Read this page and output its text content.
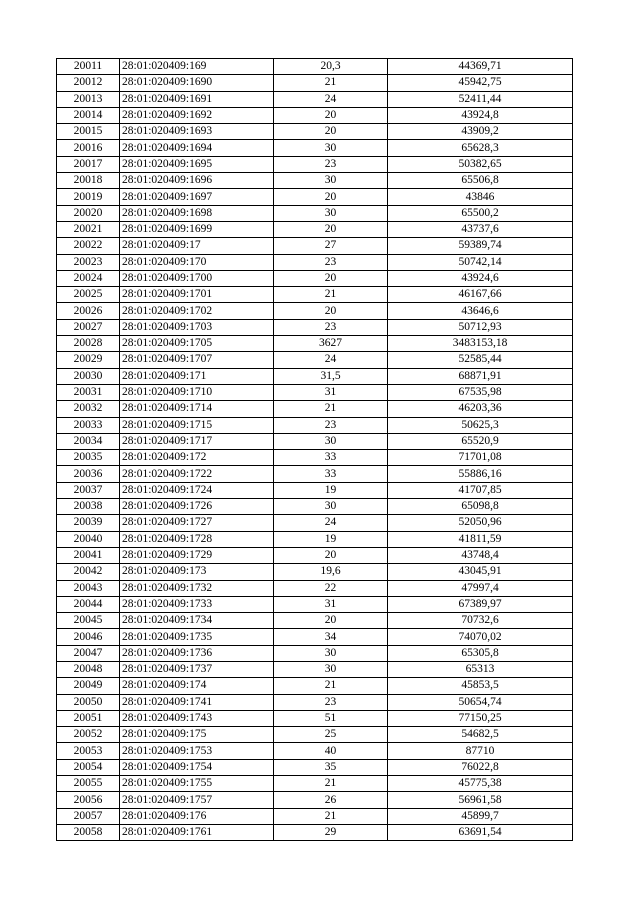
20011	28:01:020409:169	20,3	44369,71
20012	28:01:020409:1690	21	45942,75
20013	28:01:020409:1691	24	52411,44
20014	28:01:020409:1692	20	43924,8
20015	28:01:020409:1693	20	43909,2
20016	28:01:020409:1694	30	65628,3
20017	28:01:020409:1695	23	50382,65
20018	28:01:020409:1696	30	65506,8
20019	28:01:020409:1697	20	43846
20020	28:01:020409:1698	30	65500,2
20021	28:01:020409:1699	20	43737,6
20022	28:01:020409:17	27	59389,74
20023	28:01:020409:170	23	50742,14
20024	28:01:020409:1700	20	43924,6
20025	28:01:020409:1701	21	46167,66
20026	28:01:020409:1702	20	43646,6
20027	28:01:020409:1703	23	50712,93
20028	28:01:020409:1705	3627	3483153,18
20029	28:01:020409:1707	24	52585,44
20030	28:01:020409:171	31,5	68871,91
20031	28:01:020409:1710	31	67535,98
20032	28:01:020409:1714	21	46203,36
20033	28:01:020409:1715	23	50625,3
20034	28:01:020409:1717	30	65520,9
20035	28:01:020409:172	33	71701,08
20036	28:01:020409:1722	33	55886,16
20037	28:01:020409:1724	19	41707,85
20038	28:01:020409:1726	30	65098,8
20039	28:01:020409:1727	24	52050,96
20040	28:01:020409:1728	19	41811,59
20041	28:01:020409:1729	20	43748,4
20042	28:01:020409:173	19,6	43045,91
20043	28:01:020409:1732	22	47997,4
20044	28:01:020409:1733	31	67389,97
20045	28:01:020409:1734	20	70732,6
20046	28:01:020409:1735	34	74070,02
20047	28:01:020409:1736	30	65305,8
20048	28:01:020409:1737	30	65313
20049	28:01:020409:174	21	45853,5
20050	28:01:020409:1741	23	50654,74
20051	28:01:020409:1743	51	77150,25
20052	28:01:020409:175	25	54682,5
20053	28:01:020409:1753	40	87710
20054	28:01:020409:1754	35	76022,8
20055	28:01:020409:1755	21	45775,38
20056	28:01:020409:1757	26	56961,58
20057	28:01:020409:176	21	45899,7
20058	28:01:020409:1761	29	63691,54
